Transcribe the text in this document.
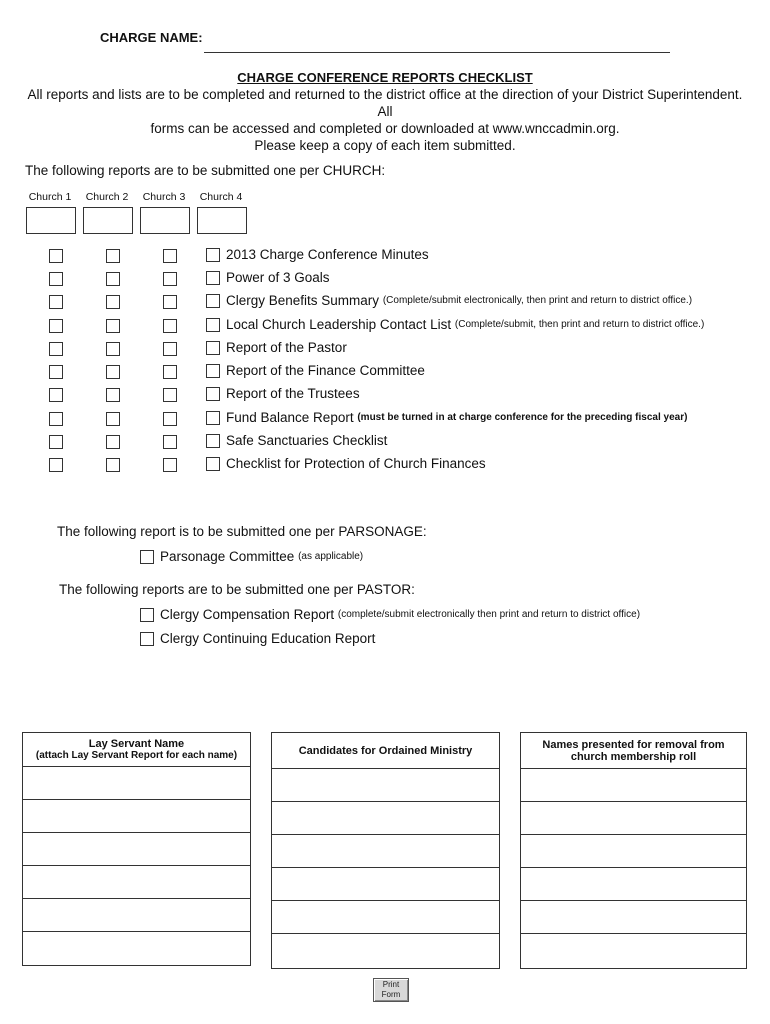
CHARGE NAME:
CHARGE CONFERENCE REPORTS CHECKLIST
All reports and lists are to be completed and returned to the district office at the direction of your District Superintendent. All
forms can be accessed and completed or downloaded at www.wnccadmin.org.
Please keep a copy of each item submitted.
The following reports are to be submitted one per CHURCH:
Church 1	Church 2	Church 3	Church 4
2013 Charge Conference Minutes
Power of 3 Goals
Clergy Benefits Summary
(Complete/submit electronically, then print and return to district office.)
Local Church Leadership Contact List
(Complete/submit, then print and return to district office.)
Report of the Pastor
Report of the Finance Committee
Report of the Trustees
Fund Balance Report
(must be turned in at charge conference for the preceding fiscal year)
Safe Sanctuaries Checklist
Checklist for Protection of Church Finances
The following report is to be submitted one per PARSONAGE:
Parsonage Committee
(as applicable)
The following reports are to be submitted one per PASTOR:
Clergy Compensation Report
(complete/submit electronically then print and return to district office)
Clergy Continuing Education Report
Lay Servant Name
(attach Lay Servant Report for each name)	Candidates for Ordained Ministry	Names presented for removal from
church membership roll
Print
Form
